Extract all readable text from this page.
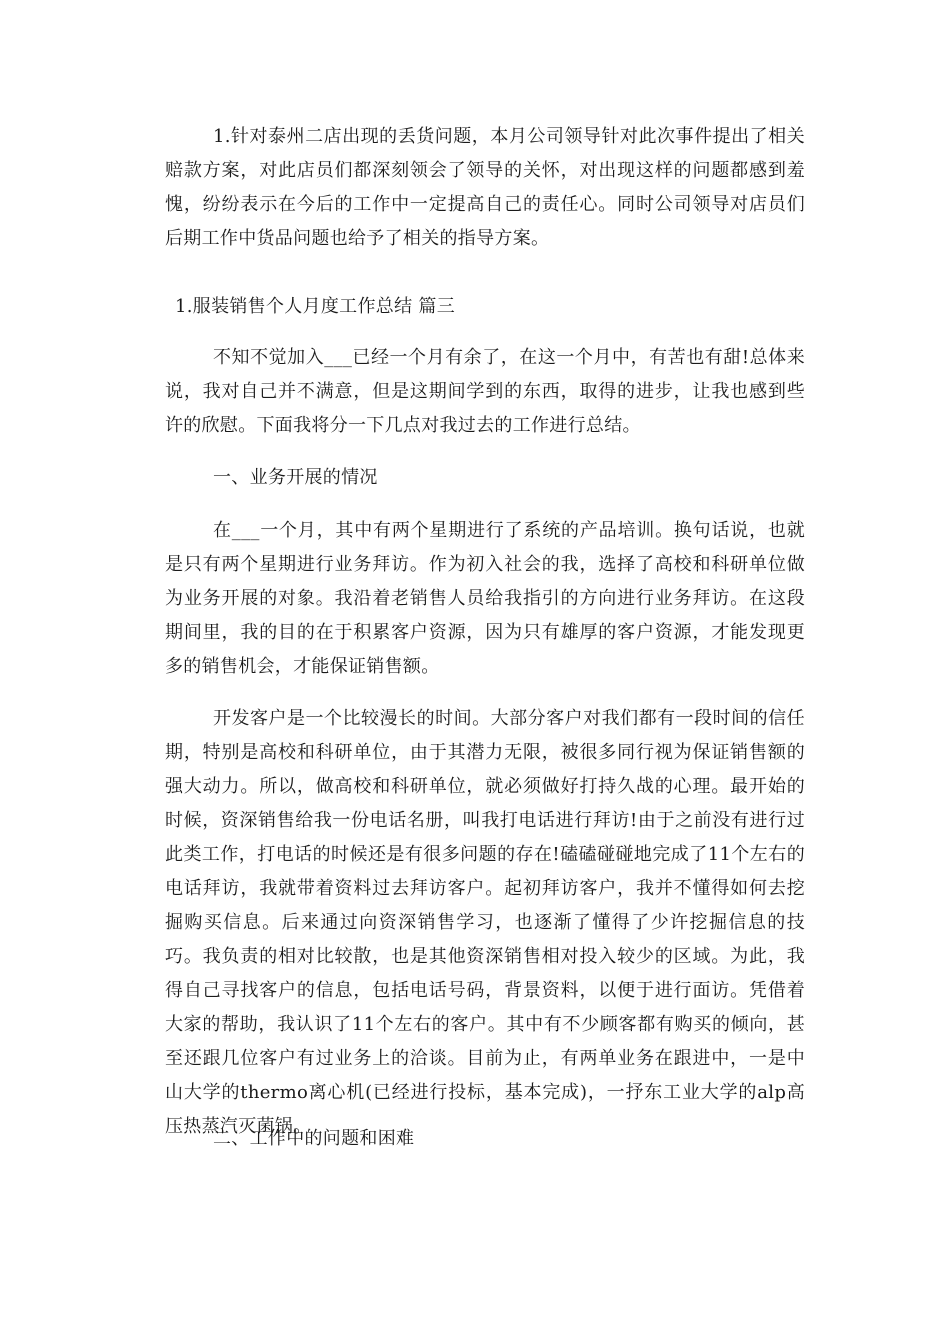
1.针对泰州二店出现的丢货问题，本月公司领导针对此次事件提出了相关赔款方案，对此店员们都深刻领会了领导的关怀，对出现这样的问题都感到羞愧，纷纷表示在今后的工作中一定提高自己的责任心。同时公司领导对店员们后期工作中货品问题也给予了相关的指导方案。

1.服装销售个人月度工作总结 篇三

不知不觉加入___已经一个月有余了，在这一个月中，有苦也有甜!总体来说，我对自己并不满意，但是这期间学到的东西，取得的进步，让我也感到些许的欣慰。下面我将分一下几点对我过去的工作进行总结。

一、业务开展的情况

在___一个月，其中有两个星期进行了系统的产品培训。换句话说，也就是只有两个星期进行业务拜访。作为初入社会的我，选择了高校和科研单位做为业务开展的对象。我沿着老销售人员给我指引的方向进行业务拜访。在这段期间里，我的目的在于积累客户资源，因为只有雄厚的客户资源，才能发现更多的销售机会，才能保证销售额。

开发客户是一个比较漫长的时间。大部分客户对我们都有一段时间的信任期，特别是高校和科研单位，由于其潜力无限，被很多同行视为保证销售额的强大动力。所以，做高校和科研单位，就必须做好打持久战的心理。最开始的时候，资深销售给我一份电话名册，叫我打电话进行拜访!由于之前没有进行过此类工作，打电话的时候还是有很多问题的存在!磕磕碰碰地完成了11个左右的电话拜访，我就带着资料过去拜访客户。起初拜访客户，我并不懂得如何去挖掘购买信息。后来通过向资深销售学习，也逐渐了懂得了少许挖掘信息的技巧。我负责的相对比较散，也是其他资深销售相对投入较少的区域。为此，我得自己寻找客户的信息，包括电话号码，背景资料，以便于进行面访。凭借着大家的帮助，我认识了11个左右的客户。其中有不少顾客都有购买的倾向，甚至还跟几位客户有过业务上的洽谈。目前为止，有两单业务在跟进中，一是中山大学的thermo离心机(已经进行投标，基本完成)，一抒东工业大学的alp高压热蒸汽灭菌锅。

二、工作中的问题和困难
